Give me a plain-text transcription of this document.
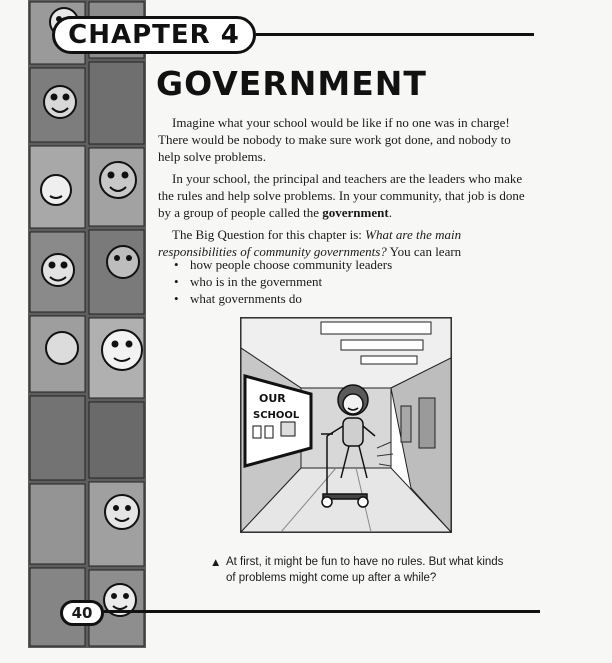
CHAPTER 4
GOVERNMENT

Imagine what your school would be like if no one was in charge! There would be nobody to make sure work got done, and nobody to help solve problems.

In your school, the principal and teachers are the leaders who make the rules and help solve problems. In your community, that job is done by a group of people called the government.

The Big Question for this chapter is: What are the main responsibilities of community governments? You can learn

• how people choose community leaders
• who is in the government
• what governments do
OUR
SCHOOL
▲ At first, it might be fun to have no rules. But what kinds of problems might come up after a while?
40
